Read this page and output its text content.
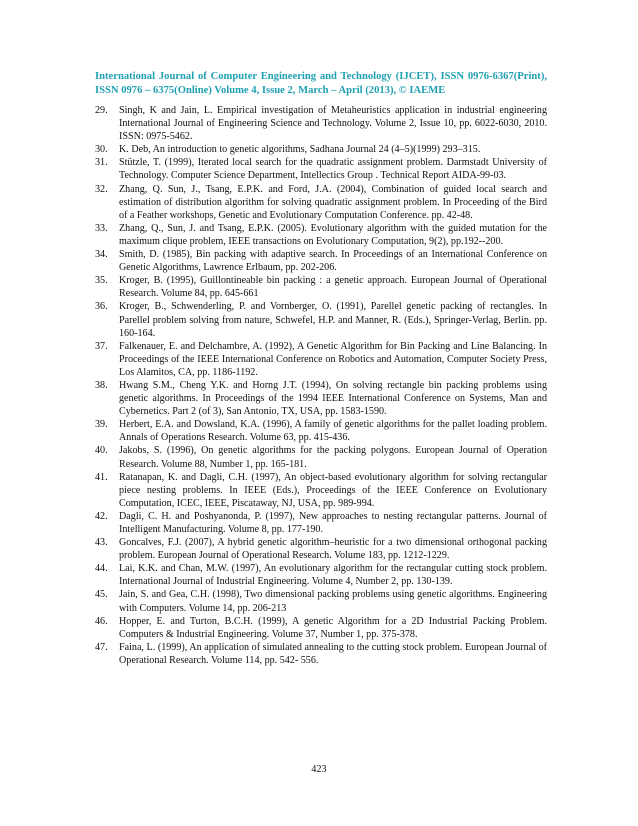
International Journal of Computer Engineering and Technology (IJCET), ISSN 0976-6367(Print), ISSN 0976 – 6375(Online) Volume 4, Issue 2, March – April (2013), © IAEME
29. Singh, K and Jain, L. Empirical investigation of Metaheuristics application in industrial engineering International Journal of Engineering Science and Technology. Volume 2, Issue 10, pp. 6022-6030, 2010. ISSN: 0975-5462.
30. K. Deb, An introduction to genetic algorithms, Sadhana Journal 24 (4–5)(1999) 293–315.
31. Stützle, T. (1999), Iterated local search for the quadratic assignment problem. Darmstadt University of Technology. Computer Science Department, Intellectics Group . Technical Report AIDA-99-03.
32. Zhang, Q. Sun, J., Tsang, E.P.K. and Ford, J.A. (2004), Combination of guided local search and estimation of distribution algorithm for solving quadratic assignment problem. In Proceeding of the Bird of a Feather workshops, Genetic and Evolutionary Computation Conference. pp. 42-48.
33. Zhang, Q., Sun, J. and Tsang, E.P.K. (2005). Evolutionary algorithm with the guided mutation for the maximum clique problem, IEEE transactions on Evolutionary Computation, 9(2), pp.192--200.
34. Smith, D. (1985), Bin packing with adaptive search. In Proceedings of an International Conference on Genetic Algorithms, Lawrence Erlbaum, pp. 202-206.
35. Kroger, B. (1995), Guillontineable bin packing : a genetic approach. European Journal of Operational Research. Volume 84, pp. 645-661
36. Kroger, B., Schwenderling, P. and Vornberger, O. (1991), Parellel genetic packing of rectangles. In Parellel problem solving from nature, Schwefel, H.P. and Manner, R. (Eds.), Springer-Verlag, Berlin. pp. 160-164.
37. Falkenauer, E. and Delchambre, A. (1992), A Genetic Algorithm for Bin Packing and Line Balancing. In Proceedings of the IEEE International Conference on Robotics and Automation, Computer Society Press, Los Alamitos, CA, pp. 1186-1192.
38. Hwang S.M., Cheng Y.K. and Horng J.T. (1994), On solving rectangle bin packing problems using genetic algorithms. In Proceedings of the 1994 IEEE International Conference on Systems, Man and Cybernetics. Part 2 (of 3), San Antonio, TX, USA, pp. 1583-1590.
39. Herbert, E.A. and Dowsland, K.A. (1996), A family of genetic algorithms for the pallet loading problem. Annals of Operations Research. Volume 63, pp. 415-436.
40. Jakobs, S. (1996), On genetic algorithms for the packing polygons. European Journal of Operation Research. Volume 88, Number 1, pp. 165-181.
41. Ratanapan, K. and Dagli, C.H. (1997), An object-based evolutionary algorithm for solving rectangular piece nesting problems. In IEEE (Eds.), Proceedings of the IEEE Conference on Evolutionary Computation, ICEC, IEEE, Piscataway, NJ, USA, pp. 989-994.
42. Dagli, C. H. and Poshyanonda, P. (1997), New approaches to nesting rectangular patterns. Journal of Intelligent Manufacturing. Volume 8, pp. 177-190.
43. Goncalves, F.J. (2007), A hybrid genetic algorithm–heuristic for a two dimensional orthogonal packing problem. European Journal of Operational Research. Volume 183, pp. 1212-1229.
44. Lai, K.K. and Chan, M.W. (1997), An evolutionary algorithm for the rectangular cutting stock problem. International Journal of Industrial Engineering. Volume 4, Number 2, pp. 130-139.
45. Jain, S. and Gea, C.H. (1998), Two dimensional packing problems using genetic algorithms. Engineering with Computers. Volume 14, pp. 206-213
46. Hopper, E. and Turton, B.C.H. (1999), A genetic Algorithm for a 2D Industrial Packing Problem. Computers & Industrial Engineering. Volume 37, Number 1, pp. 375-378.
47. Faina, L. (1999), An application of simulated annealing to the cutting stock problem. European Journal of Operational Research. Volume 114, pp. 542- 556.
423
